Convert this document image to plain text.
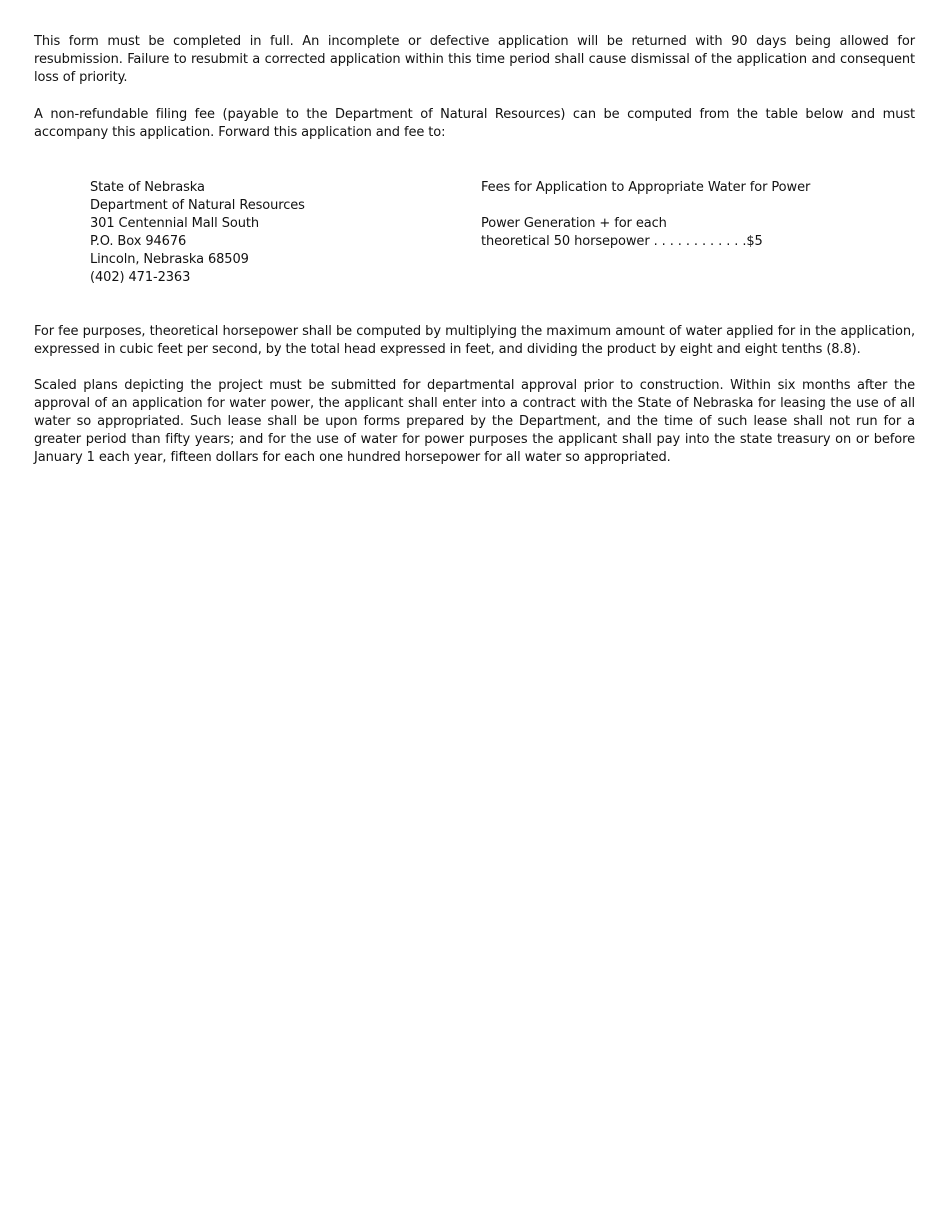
This form must be completed in full. An incomplete or defective application will be returned with 90 days being allowed for resubmission. Failure to resubmit a corrected application within this time period shall cause dismissal of the application and consequent loss of priority.

A non-refundable filing fee (payable to the Department of Natural Resources) can be computed from the table below and must accompany this application. Forward this application and fee to:

State of Nebraska
Department of Natural Resources
301 Centennial Mall South
P.O. Box 94676
Lincoln, Nebraska 68509
(402) 471-2363
Fees for Application to Appropriate Water for Power
Power Generation + for each
theoretical 50 horsepower . . . . . . . . . . . .$5

For fee purposes, theoretical horsepower shall be computed by multiplying the maximum amount of water applied for in the application, expressed in cubic feet per second, by the total head expressed in feet, and dividing the product by eight and eight tenths (8.8).

Scaled plans depicting the project must be submitted for departmental approval prior to construction. Within six months after the approval of an application for water power, the applicant shall enter into a contract with the State of Nebraska for leasing the use of all water so appropriated. Such lease shall be upon forms prepared by the Department, and the time of such lease shall not run for a greater period than fifty years; and for the use of water for power purposes the applicant shall pay into the state treasury on or before January 1 each year, fifteen dollars for each one hundred horsepower for all water so appropriated.
